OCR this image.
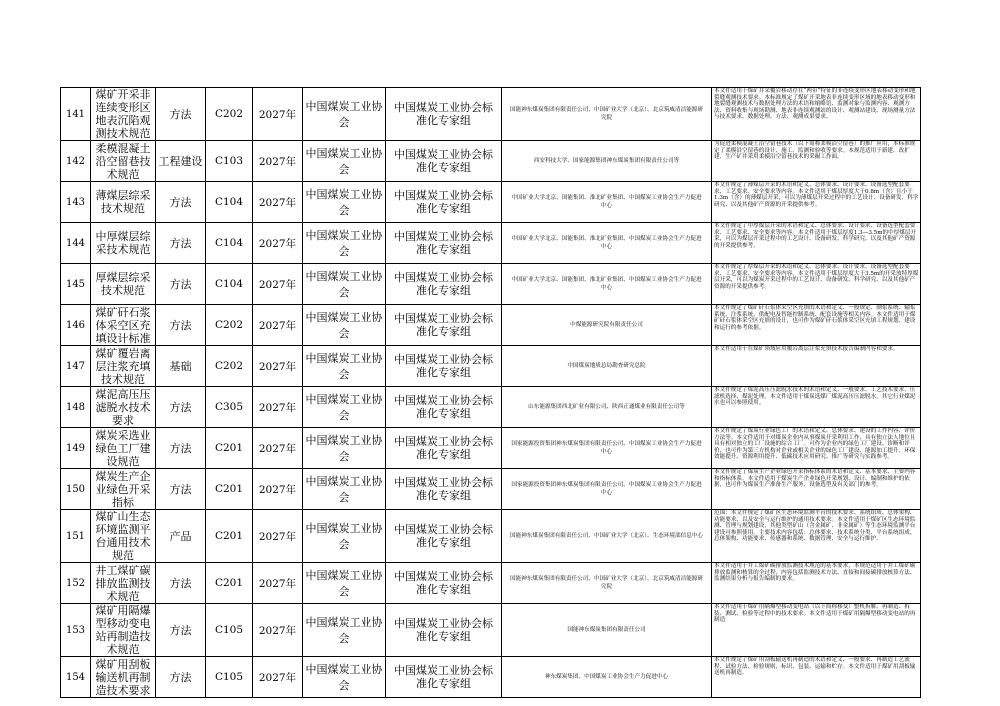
141	煤矿开采非连续变形区地表沉陷观测技术规范	方法	C202	2027年	中国煤炭工业协会	中国煤炭工业协会标准化专家组	国能神东煤炭集团有限责任公司、中国矿业大学（北京）、北京筑威清洁能源研究院	本文件适用于煤矿井采覆岩移动存在“两带”特征的非连续变形区地表移动变形和地裂缝观测技术要求。本标准规定了煤矿开采地表非连续变形区域的地表移动变形和地裂缝观测技术与数据处理方法的术语和缩略语、监测对象与监测内容、观测方法、资料收集与现场勘测、地表非连续观测站的设计、观测站建设、现场测量方法与技术要求、数据处理、方法、观测成果要求。

142	柔模混凝土沿空留巷技术规范	工程建设	C103	2027年	中国煤炭工业协会	中国煤炭工业协会标准化专家组	西安科技大学、国家能源集团神东煤炭集团有限责任公司等	为促进柔模混凝土沿空留巷技术（以下简称柔模沿空留巷）的推广应用，本标准规定了柔模沿空留巷的设计、施工、监测和验收等要求。本规范适用于新建、改扩建、生产矿井采用柔模沿空留巷技术的采掘工作面。

143	薄煤层综采技术规范	方法	C104	2027年	中国煤炭工业协会	中国煤炭工业协会标准化专家组	中国矿业大学北京、国能集团、淮北矿业集团、中国煤炭工业协会生产力促进中心	本文件规定了薄煤层开采的术语和定义、总体要求、设计要求、设备选型配套要求、工艺要求、安全要求等内容。本文件适用于煤层厚度大于0.8m（含）且小于1.3m（含）的薄煤层开采，可以为薄煤层开采过程中的工艺设计、设备研发、科学研究、以及其他矿产资源的开采提供参考。

144	中厚煤层综采技术规范	方法	C104	2027年	中国煤炭工业协会	中国煤炭工业协会标准化专家组	中国矿业大学北京、国能集团、淮北矿业集团、中国煤炭工业协会生产力促进中心	本文件规定了中厚煤层开采的术语和定义、总体要求、设计要求、设备选型配套要求、工艺要求、安全要求等内容。本文件适用于煤层厚度1.3—3.5m的中厚煤层开采，可以为煤层开采过程中的工艺设计、设备研发、科学研究、以及其他矿产资源的开采提供参考。

145	厚煤层综采技术规范	方法	C104	2027年	中国煤炭工业协会	中国煤炭工业协会标准化专家组	中国矿业大学北京、国能集团、淮北矿业集团、中国煤炭工业协会生产力促进中心	本文件规定了厚煤层开采的术语和定义、总体要求、设计要求、设备选型配套要求、工艺要求、安全要求等内容。本文件适用于煤层厚度大于3.5m的开采放特厚煤层开采，可以为煤炭开采过程中的工艺设计、设备研发、科学研究、以及其他矿产资源的开采提供参考。

146	煤矿矸石浆体采空区充填设计标准	方法	C202	2027年	中国煤炭工业协会	中国煤炭工业协会标准化专家组	中煤能源研究院有限责任公司	本文件规定了煤矿矸石浆体采空区充填的术语和定义、一般规定、制浆系统、输浆系统、注浆系统、供配电及智能控制系统、配套设施等相关内容。本文件适用于煤矿矸石浆体采空区充填的设计，也可作为煤矿矸石浆体采空区充填工程规划、建设和运行的参考依据。

147	煤矿覆岩离层注浆充填技术规范	基础	C202	2027年	中国煤炭工业协会	中国煤炭工业协会标准化专家组	中国煤炭地质总局勘查研究总院	本文件适用于在煤矿领域应用覆岩离层注浆充填技术报告编制内容和要求。

148	煤泥高压压滤脱水技术要求	方法	C305	2027年	中国煤炭工业协会	中国煤炭工业协会标准化专家组	山东能源集团西北矿业有限公司、陕西正通煤业有限责任公司等	本文件规定了煤泥高压压滤脱水技术的术语和定义、一般要求、工艺技术要求、压滤机选择、煤泥处理。本文件适用于煤炭选煤厂煤泥高压压滤脱水，其它行业煤泥水也可以参照使用。

149	煤炭采选业绿色工厂建设规范	方法	C201	2027年	中国煤炭工业协会	中国煤炭工业协会标准化专家组	国家能源投资集团神东煤炭集团有限责任公司、中国煤炭工业协会生产力促进中心	本文件规定了煤炭行业绿色工厂的术语和定义、总体要求、建设的工作内容、评价方法等。本文件适用于对煤炭企业内从事煤炭开采利用工作，具有独立法人地位且具有相对独立的工厂设施的综合工厂。可作为企业内的绿色工厂建设、诊断和评价，也可作为第三方机构对企业或相关企业的绿色工厂建设、能源加工提升、环保效能提升、资源利用提升、低碳技术应用研究、推广等研究与实践参考。

150	煤炭生产企业绿色开采指标	方法	C201	2027年	中国煤炭工业协会	中国煤炭工业协会标准化专家组	国家能源投资集团神东煤炭集团有限责任公司、中国煤炭工业协会生产力促进中心	本文件规定了煤炭生产企业绿色开采指标体系的术语和定义、基本要求、主要内容和指标体系。本文件适用于煤炭生产企业绿色开采规划、设计、编制和维护的依据，也可作为煤炭生产准备生产服务、设备选型及有关部门的参考。

151	煤矿山生态环境监测平台通用技术规范	产品	C201	2027年	中国煤炭工业协会	中国煤炭工业协会标准化专家组	国能神东煤炭集团有限责任公司、中国矿业大学（北京）、生态环境部信息中心	范围：本文件规定了煤矿区生态环境监测平台的技术要求、系统组成、总体架构、功能要求、以及安全与运行维护的通用技术要求。本文件适用于煤矿区生态环境监测、管理与规划建设，其他类型矿山（含金属矿、非金属矿）等生态环境监测平台建设可参照使用。主要技术内容包括：总体要求、技术系统分类、平台系统组成、总体架构、功能要求、传感器和系统、数据管理、安全与运行维护。

152	井工煤矿碳排放监测技术规范	方法	C201	2027年	中国煤炭工业协会	中国煤炭工业协会标准化专家组	国能神东煤炭集团有限责任公司、中国矿业大学（北京）、北京筑威清洁能源研究院	本文件适用于井工煤矿碳排放监测技术规范的基本要求，本规范适用于井工煤矿碳排放监测和核算的全过程，内容包括监测技术方法、直接和间接碳排放核算方法、监测结果分析与报告编制的要求。

153	煤矿用隔爆型移动变电站再制造技术规范	方法	C105	2027年	中国煤炭工业协会	中国煤炭工业协会标准化专家组	国能神东煤炭集团有限责任公司	本文件适用于煤矿用隔爆型移动变电站（以下简称移变）整机拆解、再制造、拆装、测试、检验等过程中的技术要求。本文件适用于煤矿用隔爆型移动变电站的再制造

154	煤矿用刮板输送机再制造技术要求	方法	C105	2027年	中国煤炭工业协会	中国煤炭工业协会标准化专家组	神东煤炭集团、中国煤炭工业协会生产力促进中心	本文件规定了煤矿用刮板输送机再制造的术语和定义、一般要求、再制造工艺流程、试验方法、检验规则、标识、包装、运输和贮存。本文件适用于煤矿用刮板输送机再制造。
